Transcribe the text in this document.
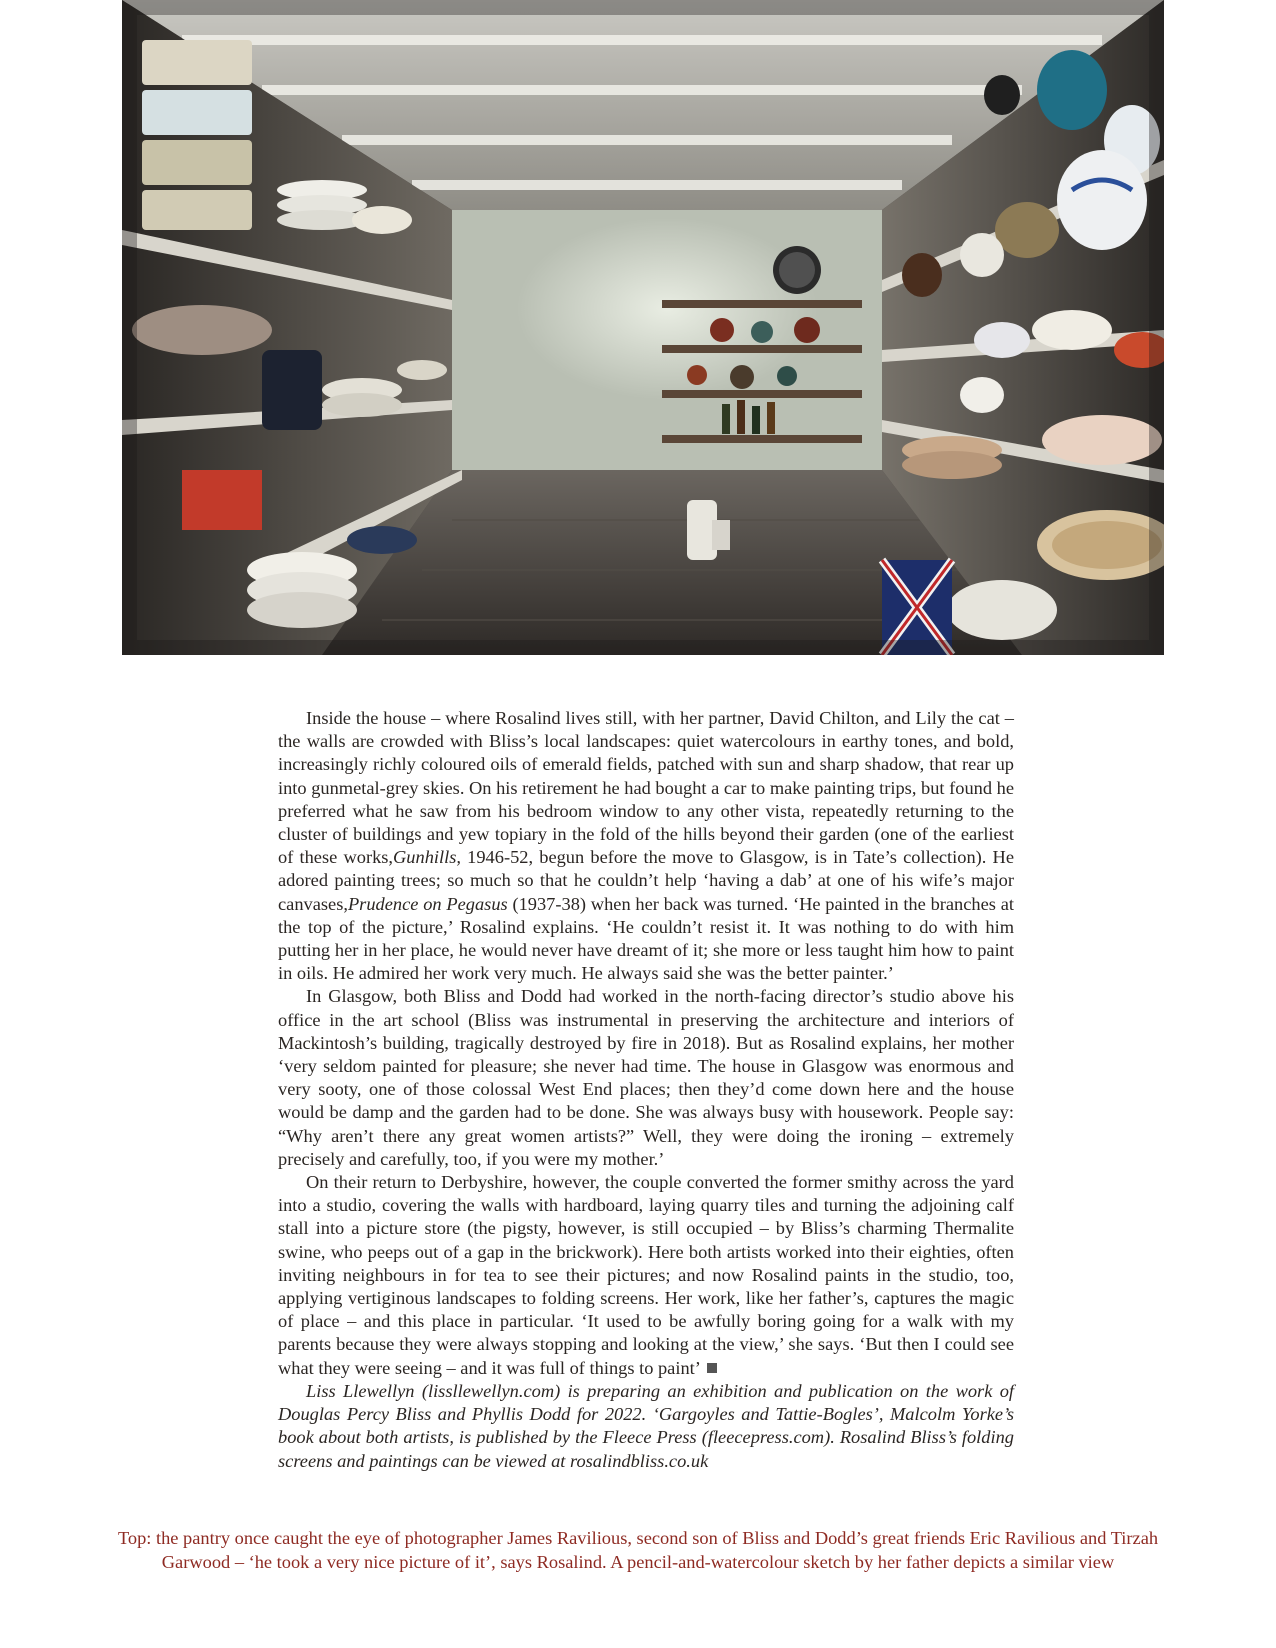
Inside the house – where Rosalind lives still, with her partner, David Chilton, and Lily the cat – the walls are crowded with Bliss’s local landscapes: quiet watercolours in earthy tones, and bold, increasingly richly coloured oils of emerald fields, patched with sun and sharp shadow, that rear up into gunmetal-grey skies. On his retirement he had bought a car to make painting trips, but found he preferred what he saw from his bedroom window to any other vista, repeatedly returning to the cluster of buildings and yew topiary in the fold of the hills beyond their garden (one of the earliest of these works,Gunhills, 1946-52, begun before the move to Glasgow, is in Tate’s collection). He adored painting trees; so much so that he couldn’t help ‘having a dab’ at one of his wife’s major canvases,Prudence on Pegasus (1937-38) when her back was turned. ‘He painted in the branches at the top of the picture,’ Rosalind explains. ‘He couldn’t resist it. It was nothing to do with him putting her in her place, he would never have dreamt of it; she more or less taught him how to paint in oils. He admired her work very much. He always said she was the better painter.’

In Glasgow, both Bliss and Dodd had worked in the north-facing director’s studio above his office in the art school (Bliss was instrumental in preserving the architecture and interiors of Mackintosh’s building, tragically destroyed by fire in 2018). But as Rosalind explains, her mother ‘very seldom painted for pleasure; she never had time. The house in Glasgow was enormous and very sooty, one of those colossal West End places; then they’d come down here and the house would be damp and the garden had to be done. She was always busy with housework. People say: “Why aren’t there any great women artists?” Well, they were doing the ironing – extremely precisely and carefully, too, if you were my mother.’

On their return to Derbyshire, however, the couple converted the former smithy across the yard into a studio, covering the walls with hardboard, laying quarry tiles and turning the adjoining calf stall into a picture store (the pigsty, however, is still occupied – by Bliss’s charming Thermalite swine, who peeps out of a gap in the brickwork). Here both artists worked into their eighties, often inviting neighbours in for tea to see their pictures; and now Rosalind paints in the studio, too, applying vertiginous landscapes to folding screens. Her work, like her father’s, captures the magic of place – and this place in particular. ‘It used to be awfully boring going for a walk with my parents because they were always stopping and looking at the view,’ she says. ‘But then I could see what they were seeing – and it was full of things to paint’

Liss Llewellyn (lissllewellyn.com) is preparing an exhibition and publication on the work of Douglas Percy Bliss and Phyllis Dodd for 2022. ‘Gargoyles and Tattie-Bogles’, Malcolm Yorke’s book about both artists, is published by the Fleece Press (fleecepress.com). Rosalind Bliss’s folding screens and paintings can be viewed at rosalindbliss.co.uk

Top: the pantry once caught the eye of photographer James Ravilious, second son of Bliss and Dodd’s great friends Eric Ravilious and Tirzah Garwood – ‘he took a very nice picture of it’, says Rosalind. A pencil-and-watercolour sketch by her father depicts a similar view
